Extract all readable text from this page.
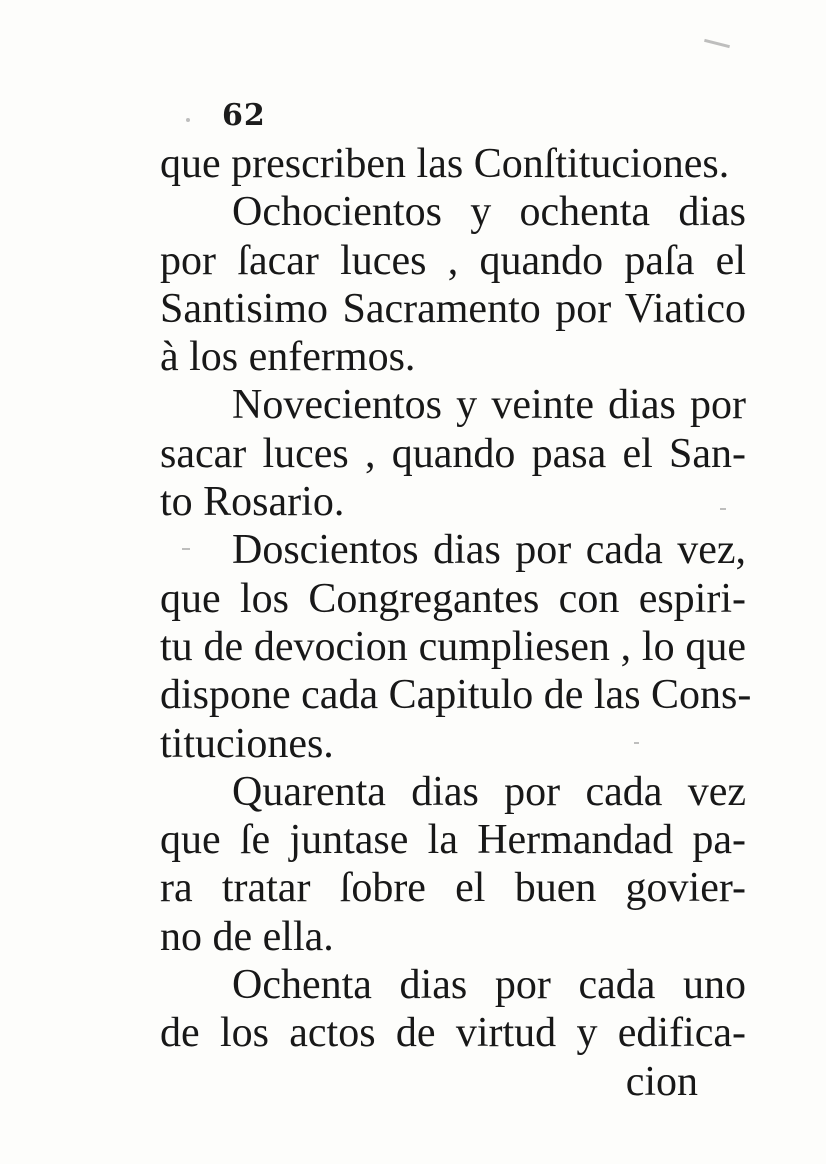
62
que prescriben las Conſtituciones.
Ochocientos y ochenta dias
por ſacar luces , quando paſa el
Santisimo Sacramento por Viatico
à los enfermos.
Novecientos y veinte dias por
sacar luces , quando pasa el San-
to Rosario.
Doscientos dias por cada vez,
que los Congregantes con espiri-
tu de devocion cumpliesen , lo que
dispone cada Capitulo de las Cons-
tituciones.
Quarenta dias por cada vez
que ſe juntase la Hermandad pa-
ra tratar ſobre el buen govier-
no de ella.
Ochenta dias por cada uno
de los actos de virtud y edifica-
cion
